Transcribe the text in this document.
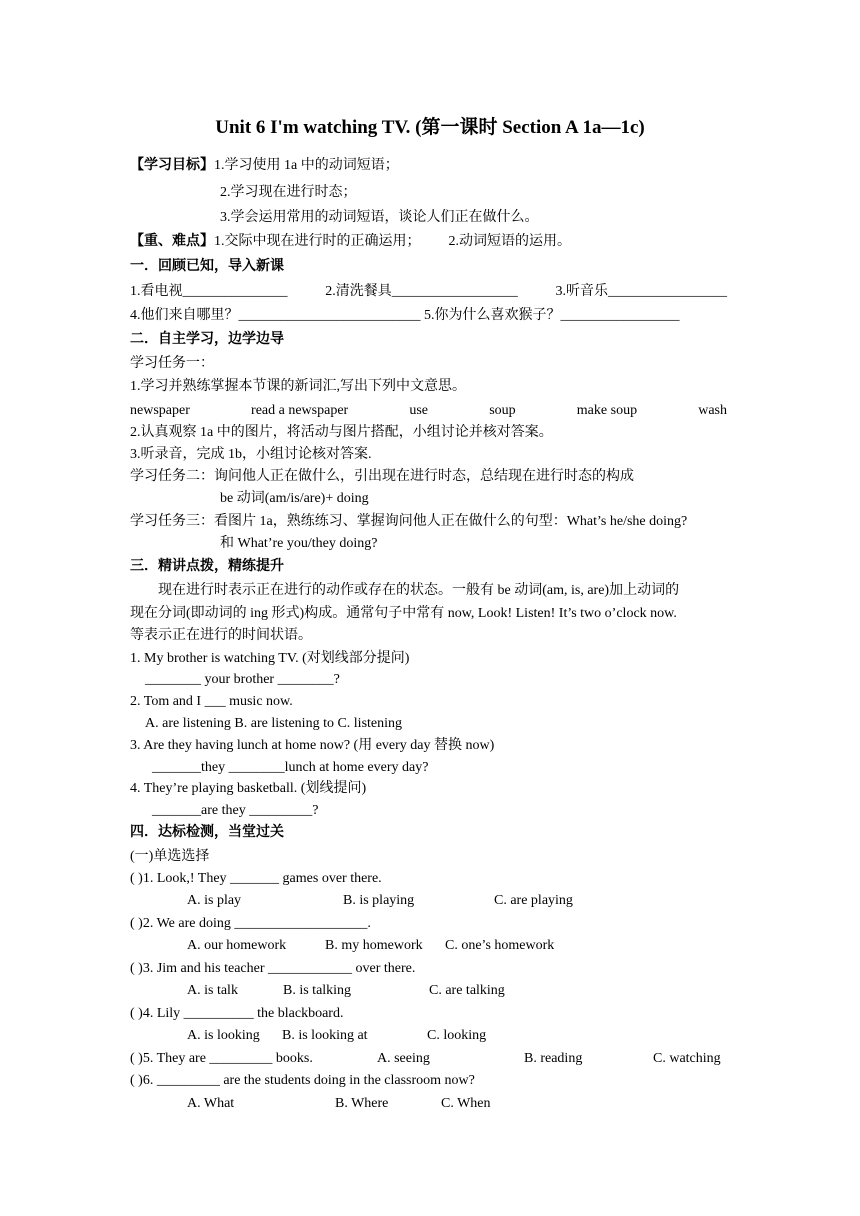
Unit 6 I'm watching TV. (第一课时 Section A 1a—1c)
【学习目标】1.学习使用 1a 中的动词短语；
2.学习现在进行时态；
3.学会运用常用的动词短语，谈论人们正在做什么。
【重、难点】1.交际中现在进行时的正确运用； 2.动词短语的运用。
一．回顾已知，导入新课
1.看电视_______________	2.清洗餐具__________________	3.听音乐_________________
4.他们来自哪里？__________________________ 5.你为什么喜欢猴子？_________________
二．自主学习，边学边导
学习任务一：
1.学习并熟练掌握本节课的新词汇,写出下列中文意思。
newspaper	read a newspaper	use	soup	make soup	wash
2.认真观察 1a 中的图片，将活动与图片搭配，小组讨论并核对答案。
3.听录音，完成 1b，小组讨论核对答案.
学习任务二：询问他人正在做什么，引出现在进行时态，总结现在进行时态的构成
be 动词(am/is/are)+ doing
学习任务三：看图片 1a，熟练练习、掌握询问他人正在做什么的句型：What’s he/she doing?
和 What’re you/they doing?
三．精讲点拨，精练提升
现在进行时表示正在进行的动作或存在的状态。一般有 be 动词(am, is, are)加上动词的
现在分词(即动词的 ing 形式)构成。通常句子中常有 now, Look! Listen! It’s two o’clock now.
等表示正在进行的时间状语。
1. My brother is watching TV. (对划线部分提问)
________ your brother ________?
2. Tom and I ___ music now.
A. are listening B. are listening to C. listening
3. Are they having lunch at home now? (用 every day 替换 now)
_______they ________lunch at home every day?
4. They’re playing basketball. (划线提问)
_______are they _________?
四．达标检测，当堂过关
(一)单选选择
( )1. Look,! They _______ games over there.
A. is play	B. is playing	C. are playing
( )2. We are doing ___________________.
A. our homework	B. my homework C. one’s homework
( )3. Jim and his teacher ____________ over there.
A. is talk	B. is talking	C. are talking
( )4. Lily __________ the blackboard.
A. is looking B. is looking at	C. looking
( )5. They are _________ books.	A. seeing	B. reading	C. watching
( )6. _________ are the students doing in the classroom now?
A. What	B. Where	C. When
